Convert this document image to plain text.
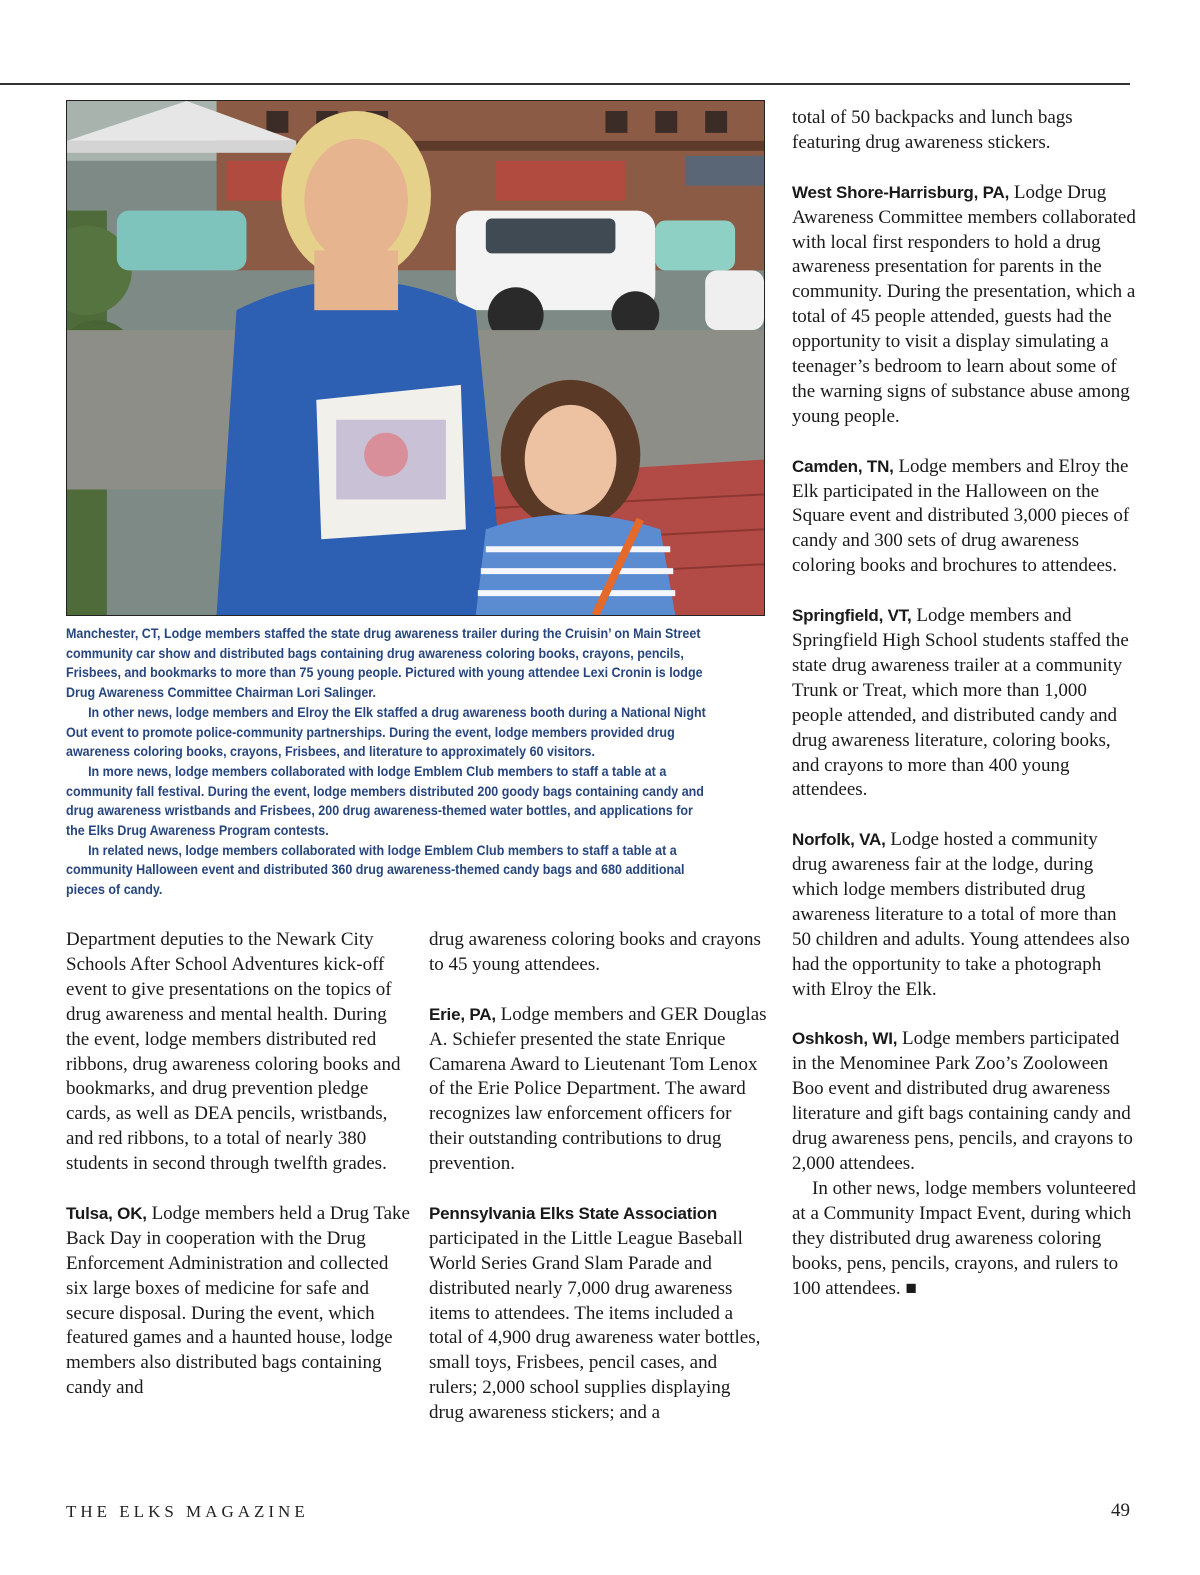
Manchester, CT, Lodge members staffed the state drug awareness trailer during the Cruisin’ on Main Street community car show and distributed bags containing drug awareness coloring books, crayons, pencils, Frisbees, and bookmarks to more than 75 young people. Pictured with young attendee Lexi Cronin is lodge Drug Awareness Committee Chairman Lori Salinger.

In other news, lodge members and Elroy the Elk staffed a drug awareness booth during a National Night Out event to promote police-community partnerships. During the event, lodge members provided drug awareness coloring books, crayons, Frisbees, and literature to approximately 60 visitors.

In more news, lodge members collaborated with lodge Emblem Club members to staff a table at a community fall festival. During the event, lodge members distributed 200 goody bags containing candy and drug awareness wristbands and Frisbees, 200 drug awareness-themed water bottles, and applications for the Elks Drug Awareness Program contests.

In related news, lodge members collaborated with lodge Emblem Club members to staff a table at a community Halloween event and distributed 360 drug awareness-themed candy bags and 680 additional pieces of candy.

Department deputies to the Newark City Schools After School Adventures kick-off event to give presentations on the topics of drug awareness and mental health. During the event, lodge members distributed red ribbons, drug awareness coloring books and bookmarks, and drug prevention pledge cards, as well as DEA pencils, wristbands, and red ribbons, to a total of nearly 380 students in second through twelfth grades.

Tulsa, OK, Lodge members held a Drug Take Back Day in cooperation with the Drug Enforcement Administration and collected six large boxes of medicine for safe and secure disposal. During the event, which featured games and a haunted house, lodge members also distributed bags containing candy and

drug awareness coloring books and crayons to 45 young attendees.

Erie, PA, Lodge members and GER Douglas A. Schiefer presented the state Enrique Camarena Award to Lieutenant Tom Lenox of the Erie Police Department. The award recognizes law enforcement officers for their outstanding contributions to drug prevention.

Pennsylvania Elks State Association participated in the Little League Baseball World Series Grand Slam Parade and distributed nearly 7,000 drug awareness items to attendees. The items included a total of 4,900 drug awareness water bottles, small toys, Frisbees, pencil cases, and rulers; 2,000 school supplies displaying drug awareness stickers; and a

total of 50 backpacks and lunch bags featuring drug awareness stickers.

West Shore-Harrisburg, PA, Lodge Drug Awareness Committee members collaborated with local first responders to hold a drug awareness presentation for parents in the community. During the presentation, which a total of 45 people attended, guests had the opportunity to visit a display simulating a teenager’s bedroom to learn about some of the warning signs of substance abuse among young people.

Camden, TN, Lodge members and Elroy the Elk participated in the Halloween on the Square event and distributed 3,000 pieces of candy and 300 sets of drug awareness coloring books and brochures to attendees.

Springfield, VT, Lodge members and Springfield High School students staffed the state drug awareness trailer at a community Trunk or Treat, which more than 1,000 people attended, and distributed candy and drug awareness literature, coloring books, and crayons to more than 400 young attendees.

Norfolk, VA, Lodge hosted a community drug awareness fair at the lodge, during which lodge members distributed drug awareness literature to a total of more than 50 children and adults. Young attendees also had the opportunity to take a photograph with Elroy the Elk.

Oshkosh, WI, Lodge members participated in the Menominee Park Zoo’s Zooloween Boo event and distributed drug awareness literature and gift bags containing candy and drug awareness pens, pencils, and crayons to 2,000 attendees.

In other news, lodge members volunteered at a Community Impact Event, during which they distributed drug awareness coloring books, pens, pencils, crayons, and rulers to 100 attendees. ■

THE ELKS MAGAZINE	49
